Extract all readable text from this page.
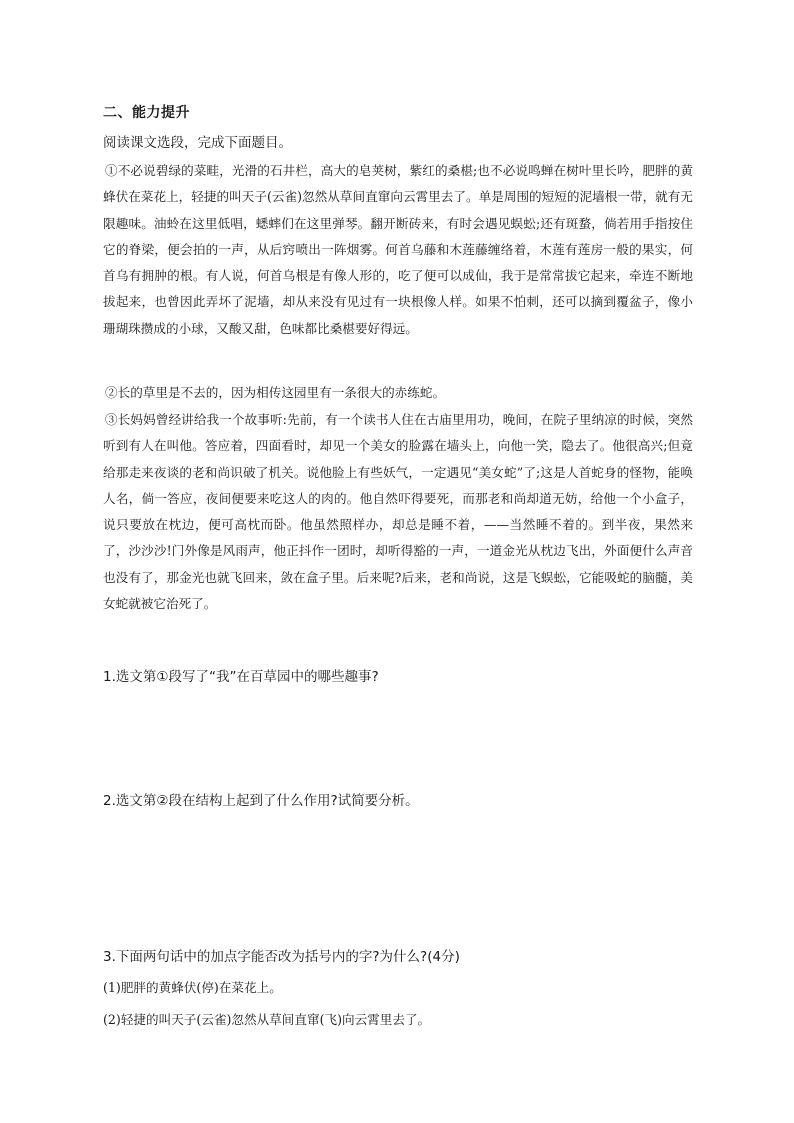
二、能力提升
阅读课文选段，完成下面题目。

①不必说碧绿的菜畦，光滑的石井栏，高大的皂荚树，紫红的桑椹;也不必说鸣蝉在树叶里长吟，肥胖的黄蜂伏在菜花上，轻捷的叫天子(云雀)忽然从草间直窜向云霄里去了。单是周围的短短的泥墙根一带，就有无限趣味。油蛉在这里低唱，蟋蟀们在这里弹琴。翻开断砖来，有时会遇见蜈蚣;还有斑蝥，倘若用手指按住它的脊梁，便会拍的一声，从后窍喷出一阵烟雾。何首乌藤和木莲藤缠络着，木莲有莲房一般的果实，何首乌有拥肿的根。有人说，何首乌根是有像人形的，吃了便可以成仙，我于是常常拔它起来，牵连不断地拔起来，也曾因此弄坏了泥墙，却从来没有见过有一块根像人样。如果不怕刺，还可以摘到覆盆子，像小珊瑚珠攒成的小球，又酸又甜，色味都比桑椹要好得远。

②长的草里是不去的，因为相传这园里有一条很大的赤练蛇。

③长妈妈曾经讲给我一个故事听:先前，有一个读书人住在古庙里用功，晚间，在院子里纳凉的时候，突然听到有人在叫他。答应着，四面看时，却见一个美女的脸露在墙头上，向他一笑，隐去了。他很高兴;但竟给那走来夜谈的老和尚识破了机关。说他脸上有些妖气，一定遇见“美女蛇”了;这是人首蛇身的怪物，能唤人名，倘一答应，夜间便要来吃这人的肉的。他自然吓得要死，而那老和尚却道无妨，给他一个小盒子，说只要放在枕边，便可高枕而卧。他虽然照样办，却总是睡不着，——当然睡不着的。到半夜，果然来了，沙沙沙!门外像是风雨声，他正抖作一团时，却听得豁的一声，一道金光从枕边飞出，外面便什么声音也没有了，那金光也就飞回来，敛在盒子里。后来呢?后来，老和尚说，这是飞蜈蚣，它能吸蛇的脑髓，美女蛇就被它治死了。

1.选文第①段写了“我”在百草园中的哪些趣事?
2.选文第②段在结构上起到了什么作用?试简要分析。
3.下面两句话中的加点字能否改为括号内的字?为什么?(4分)
(1)肥胖的黄蜂伏(停)在菜花上。
(2)轻捷的叫天子(云雀)忽然从草间直窜(飞)向云霄里去了。
